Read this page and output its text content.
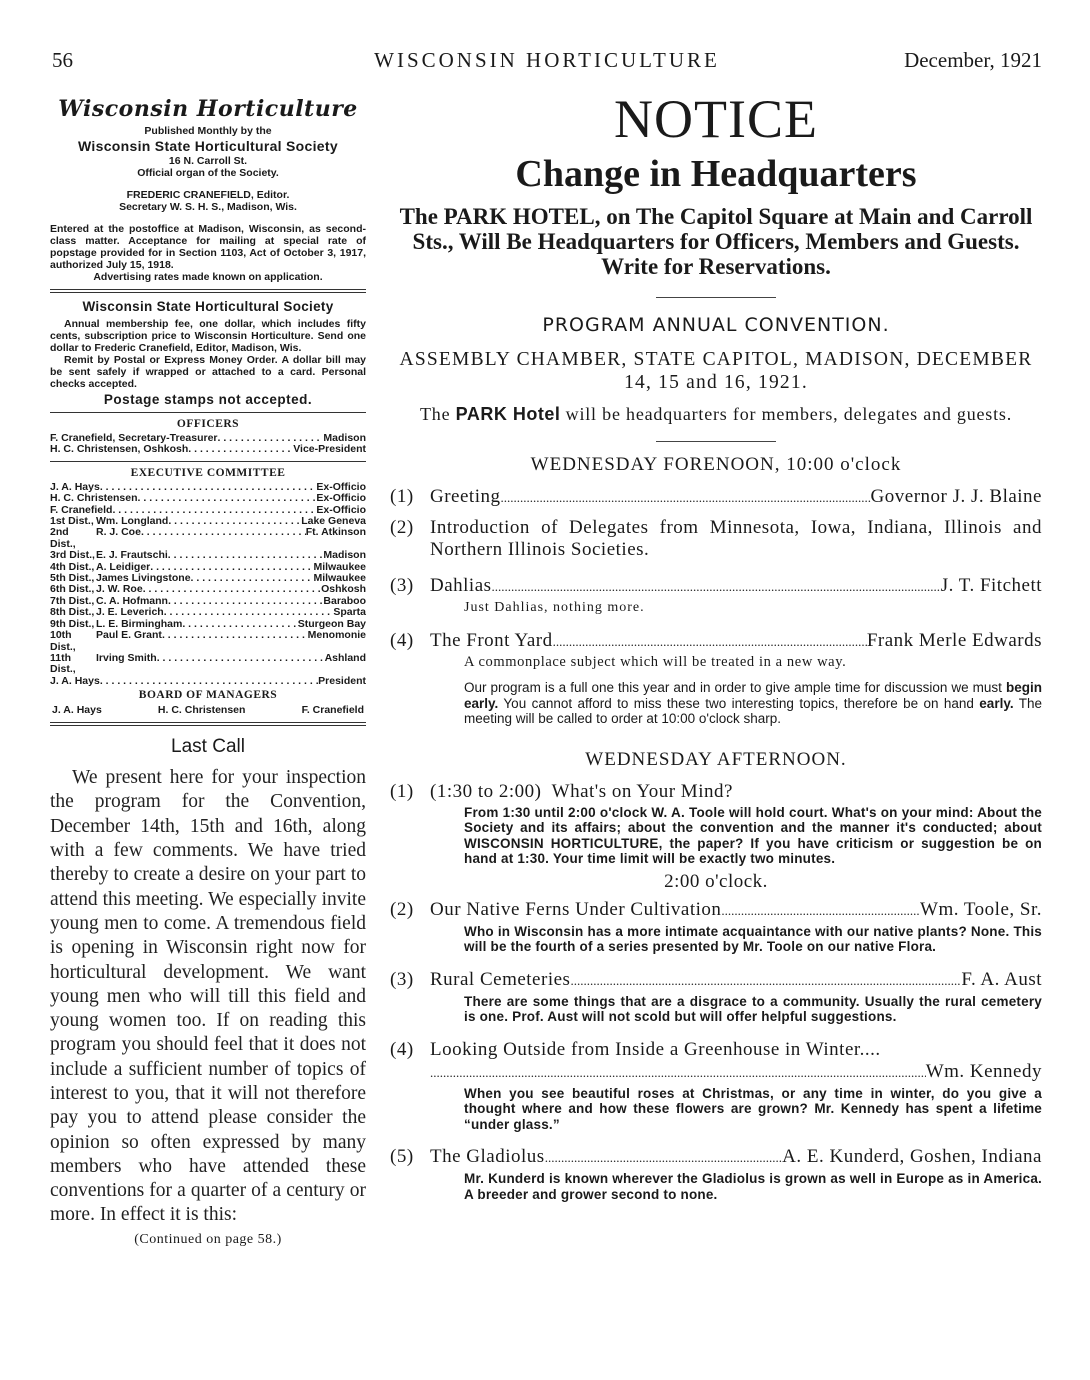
56	WISCONSIN HORTICULTURE	December, 1921
Wisconsin Horticulture
Published Monthly by the
Wisconsin State Horticultural Society
16 N. Carroll St.
Official organ of the Society.
FREDERIC CRANEFIELD, Editor.
Secretary W. S. H. S., Madison, Wis.
Entered at the postoffice at Madison, Wisconsin, as second-class matter. Acceptance for mailing at special rate of popstage provided for in Section 1103, Act of October 3, 1917, authorized July 15, 1918.
Advertising rates made known on application.
Wisconsin State Horticultural Society
Annual membership fee, one dollar, which includes fifty cents, subscription price to Wisconsin Horticulture. Send one dollar to Frederic Cranefield, Editor, Madison, Wis.
Remit by Postal or Express Money Order. A dollar bill may be sent safely if wrapped or attached to a card. Personal checks accepted.
Postage stamps not accepted.
OFFICERS
F. Cranefield, Secretary-Treasurer . . .	Madison
H. C. Christensen, Oshkosh . . .	Vice-President
EXECUTIVE COMMITTEE
J. A. Hays . . .	Ex-Officio
H. C. Christensen . . .	Ex-Officio
F. Cranefield . . .	Ex-Officio
1st Dist., Wm. Longland . . .	Lake Geneva
2nd Dist.,
R. J. Coe . . .	Ft. Atkinson
3rd Dist., E. J. Frautschi . . .	Madison
4th Dist., A. Leidiger . . .	Milwaukee
5th Dist., James Livingstone . . .	Milwaukee
6th Dist., J. W. Roe . . .	Oshkosh
7th Dist., C. A. Hofmann . . .	Baraboo
8th Dist., J. E. Leverich . . .	Sparta
9th Dist., L. E. Birmingham . . .	Sturgeon Bay
10th Dist.,
Paul E. Grant . . .	Menomonie
11th Dist.,
Irving Smith . . .	Ashland
J. A. Hays . . .	President
BOARD OF MANAGERS
J. A. Hays	H. C. Christensen	F. Cranefield
Last Call
We present here for your inspection the program for the Convention, December 14th, 15th and 16th, along with a few comments. We have tried thereby to create a desire on your part to attend this meeting. We especially invite young men to come. A tremendous field is opening in Wisconsin right now for horticultural development. We want young men who will till this field and young women too. If on reading this program you should feel that it does not include a sufficient number of topics of interest to you, that it will not therefore pay you to attend please consider the opinion so often expressed by many members who have attended these conventions for a quarter of a century or more. In effect it is this:
(Continued on page 58.)
NOTICE
Change in Headquarters
The PARK HOTEL, on The Capitol Square at Main and Carroll Sts., Will Be Headquarters for Officers, Members and Guests. Write for Reservations.
PROGRAM ANNUAL CONVENTION.
ASSEMBLY CHAMBER, STATE CAPITOL, MADISON, DECEMBER 14, 15 and 16, 1921.
The PARK Hotel will be headquarters for members, delegates and guests.
WEDNESDAY FORENOON, 10:00 o'clock
(1) Greeting .....	Governor J. J. Blaine
(2) Introduction of Delegates from Minnesota, Iowa, Indiana, Illinois and Northern Illinois Societies.
(3) Dahlias .....	J. T. Fitchett
Just Dahlias, nothing more.
(4) The Front Yard .....	Frank Merle Edwards
A commonplace subject which will be treated in a new way.
Our program is a full one this year and in order to give ample time for discussion we must begin early. You cannot afford to miss these two interesting topics, therefore be on hand early. The meeting will be called to order at 10:00 o'clock sharp.
WEDNESDAY AFTERNOON.
(1) (1:30 to 2:00)  What's on Your Mind?
From 1:30 until 2:00 o'clock W. A. Toole will hold court. What's on your mind: About the Society and its affairs; about the convention and the manner it's conducted; about WISCONSIN HORTICULTURE, the paper? If you have criticism or suggestion be on hand at 1:30. Your time limit will be exactly two minutes.
2:00 o'clock.
(2) Our Native Ferns Under Cultivation .....	Wm. Toole, Sr.
Who in Wisconsin has a more intimate acquaintance with our native plants? None. This will be the fourth of a series presented by Mr. Toole on our native Flora.
(3) Rural Cemeteries .....	F. A. Aust
There are some things that are a disgrace to a community. Usually the rural cemetery is one. Prof. Aust will not scold but will offer helpful suggestions.
(4) Looking Outside from Inside a Greenhouse in Winter....
.....
Wm. Kennedy
When you see beautiful roses at Christmas, or any time in winter, do you give a thought where and how these flowers are grown? Mr. Kennedy has spent a lifetime “under glass.”
(5) The Gladiolus .....	A. E. Kunderd, Goshen, Indiana
Mr. Kunderd is known wherever the Gladiolus is grown as well in Europe as in America. A breeder and grower second to none.
